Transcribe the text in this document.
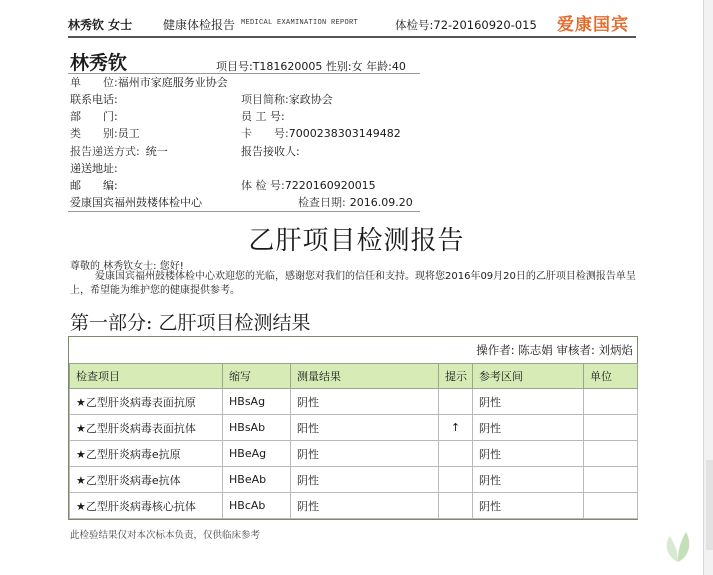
林秀钦 女士	健康体检报告 MEDICAL EXAMINATION REPORT	体检号:72-20160920-015 爱康国宾
林秀钦	项目号:T181620005 性别:女 年龄:40
单　　位:福州市家庭服务业协会
联系电话:	项目简称:家政协会
部　　门:	员 工 号:
类　　别:员工	卡　　号:7000238303149482
报告递送方式: 统一	报告接收人:
递送地址:
邮　　编:	体 检 号:7220160920015
爱康国宾福州鼓楼体检中心	检查日期: 2016.09.20
乙肝项目检测报告
尊敬的 林秀钦女士: 您好!
爱康国宾福州鼓楼体检中心欢迎您的光临，感谢您对我们的信任和支持。现将您2016年09月20日的乙肝项目检测报告单呈上，希望能为维护您的健康提供参考。
第一部分: 乙肝项目检测结果
操作者: 陈志娟 审核者: 刘炳焰
检查项目	缩写	测量结果	提示	参考区间	单位
★乙型肝炎病毒表面抗原	HBsAg	阴性		阴性	
★乙型肝炎病毒表面抗体	HBsAb	阳性	↑	阴性	
★乙型肝炎病毒e抗原	HBeAg	阴性		阴性	
★乙型肝炎病毒e抗体	HBeAb	阴性		阴性	
★乙型肝炎病毒核心抗体	HBcAb	阴性		阴性	
此检验结果仅对本次标本负责，仅供临床参考
